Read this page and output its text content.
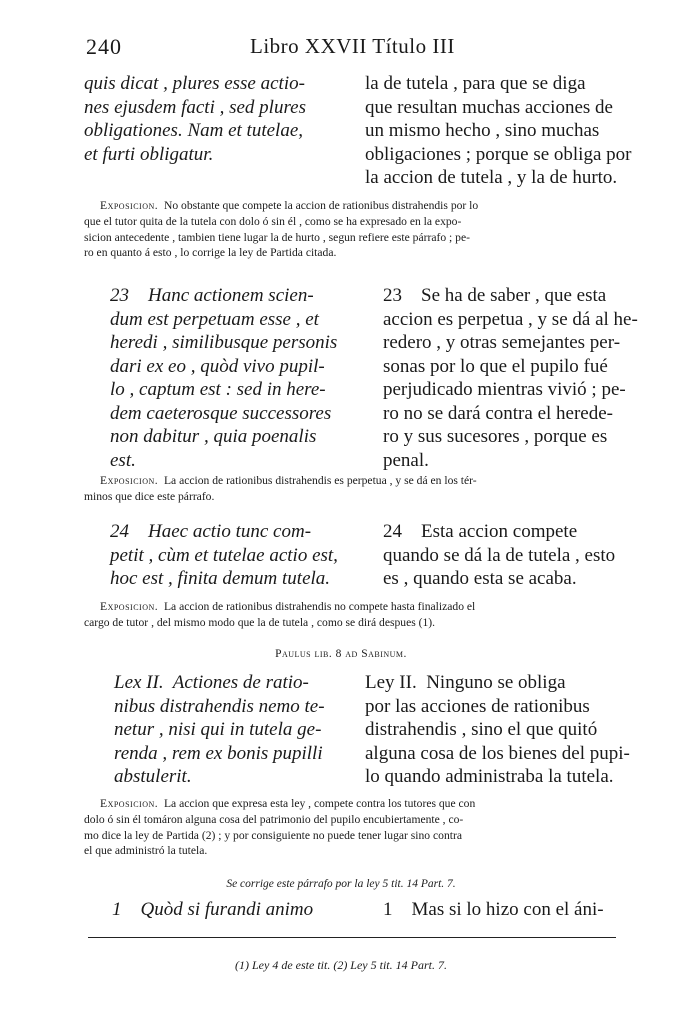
240	Libro XXVII Título III
quis dicat , plures esse actio-
nes ejusdem facti , sed plures
obligationes. Nam et tutelae,
et furti obligatur.
la de tutela , para que se diga
que resultan muchas acciones de
un mismo hecho , sino muchas
obligaciones ; porque se obliga por
la accion de tutela , y la de hurto.
Exposicion.  No obstante que compete la accion de rationibus distrahendis por lo
que el tutor quita de la tutela con dolo ó sin él , como se ha expresado en la expo-
sicion antecedente , tambien tiene lugar la de hurto , segun refiere este párrafo ; pe-
ro en quanto á esto , lo corrige la ley de Partida citada.
23    Hanc actionem scien-
dum est perpetuam esse , et
heredi , similibusque personis
dari ex eo , quòd vivo pupil-
lo , captum est : sed in here-
dem caeterosque successores
non dabitur , quia poenalis
est.
23    Se ha de saber , que esta
accion es perpetua , y se dá al he-
redero , y otras semejantes per-
sonas por lo que el pupilo fué
perjudicado mientras vivió ; pe-
ro no se dará contra el herede-
ro y sus sucesores , porque es
penal.
Exposicion.  La accion de rationibus distrahendis es perpetua , y se dá en los tér-
minos que dice este párrafo.
24    Haec actio tunc com-
petit , cùm et tutelae actio est,
hoc est , finita demum tutela.
24    Esta accion compete
quando se dá la de tutela , esto
es , quando esta se acaba.
Exposicion.  La accion de rationibus distrahendis no compete hasta finalizado el
cargo de tutor , del mismo modo que la de tutela , como se dirá despues (1).
Paulus lib. 8 ad Sabinum.
Lex II.  Actiones de ratio-
nibus distrahendis nemo te-
netur , nisi qui in tutela ge-
renda , rem ex bonis pupilli
abstulerit.
Ley II.  Ninguno se obliga
por las acciones de rationibus
distrahendis , sino el que quitó
alguna cosa de los bienes del pupi-
lo quando administraba la tutela.
Exposicion.  La accion que expresa esta ley , compete contra los tutores que con
dolo ó sin él tomáron alguna cosa del patrimonio del pupilo encubiertamente , co-
mo dice la ley de Partida (2) ; y por consiguiente no puede tener lugar sino contra
el que administró la tutela.
Se corrige este párrafo por la ley 5 tit. 14 Part. 7.
1    Quòd si furandi animo	1    Mas si lo hizo con el áni-
(1) Ley 4 de este tit. (2) Ley 5 tit. 14 Part. 7.
